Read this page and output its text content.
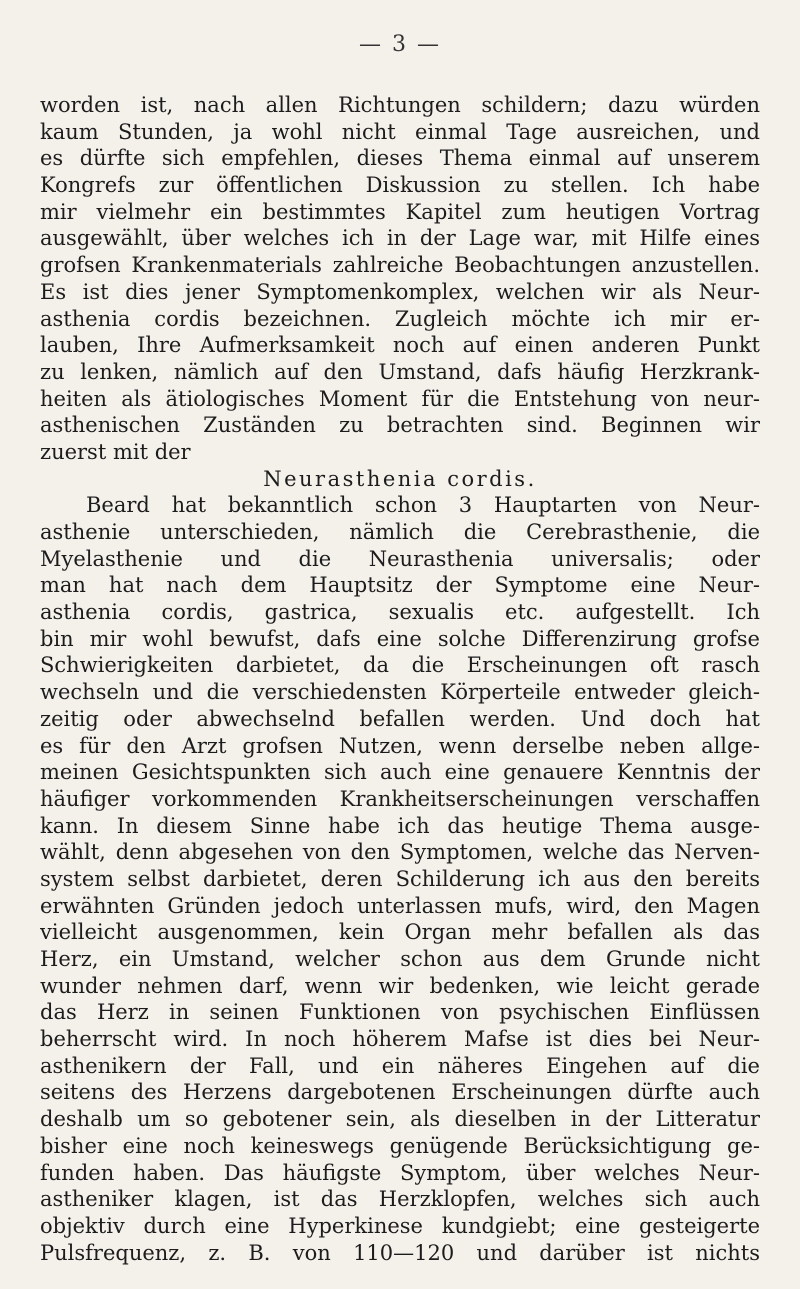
— 3 —
worden ist, nach allen Richtungen schildern; dazu würden
kaum Stunden, ja wohl nicht einmal Tage ausreichen, und
es dürfte sich empfehlen, dieses Thema einmal auf unserem
Kongrefs zur öffentlichen Diskussion zu stellen. Ich habe
mir vielmehr ein bestimmtes Kapitel zum heutigen Vortrag
ausgewählt, über welches ich in der Lage war, mit Hilfe eines
grofsen Krankenmaterials zahlreiche Beobachtungen anzustellen.
Es ist dies jener Symptomenkomplex, welchen wir als Neur-
asthenia cordis bezeichnen. Zugleich möchte ich mir er-
lauben, Ihre Aufmerksamkeit noch auf einen anderen Punkt
zu lenken, nämlich auf den Umstand, dafs häufig Herzkrank-
heiten als ätiologisches Moment für die Entstehung von neur-
asthenischen Zuständen zu betrachten sind. Beginnen wir
zuerst mit der
Neurasthenia cordis.
Beard hat bekanntlich schon 3 Hauptarten von Neur-
asthenie unterschieden, nämlich die Cerebrasthenie, die
Myelasthenie und die Neurasthenia universalis; oder
man hat nach dem Hauptsitz der Symptome eine Neur-
asthenia cordis, gastrica, sexualis etc. aufgestellt. Ich
bin mir wohl bewufst, dafs eine solche Differenzirung grofse
Schwierigkeiten darbietet, da die Erscheinungen oft rasch
wechseln und die verschiedensten Körperteile entweder gleich-
zeitig oder abwechselnd befallen werden. Und doch hat
es für den Arzt grofsen Nutzen, wenn derselbe neben allge-
meinen Gesichtspunkten sich auch eine genauere Kenntnis der
häufiger vorkommenden Krankheitserscheinungen verschaffen
kann. In diesem Sinne habe ich das heutige Thema ausge-
wählt, denn abgesehen von den Symptomen, welche das Nerven-
system selbst darbietet, deren Schilderung ich aus den bereits
erwähnten Gründen jedoch unterlassen mufs, wird, den Magen
vielleicht ausgenommen, kein Organ mehr befallen als das
Herz, ein Umstand, welcher schon aus dem Grunde nicht
wunder nehmen darf, wenn wir bedenken, wie leicht gerade
das Herz in seinen Funktionen von psychischen Einflüssen
beherrscht wird. In noch höherem Mafse ist dies bei Neur-
asthenikern der Fall, und ein näheres Eingehen auf die
seitens des Herzens dargebotenen Erscheinungen dürfte auch
deshalb um so gebotener sein, als dieselben in der Litteratur
bisher eine noch keineswegs genügende Berücksichtigung ge-
funden haben. Das häufigste Symptom, über welches Neur-
astheniker klagen, ist das Herzklopfen, welches sich auch
objektiv durch eine Hyperkinese kundgiebt; eine gesteigerte
Pulsfrequenz, z. B. von 110—120 und darüber ist nichts
